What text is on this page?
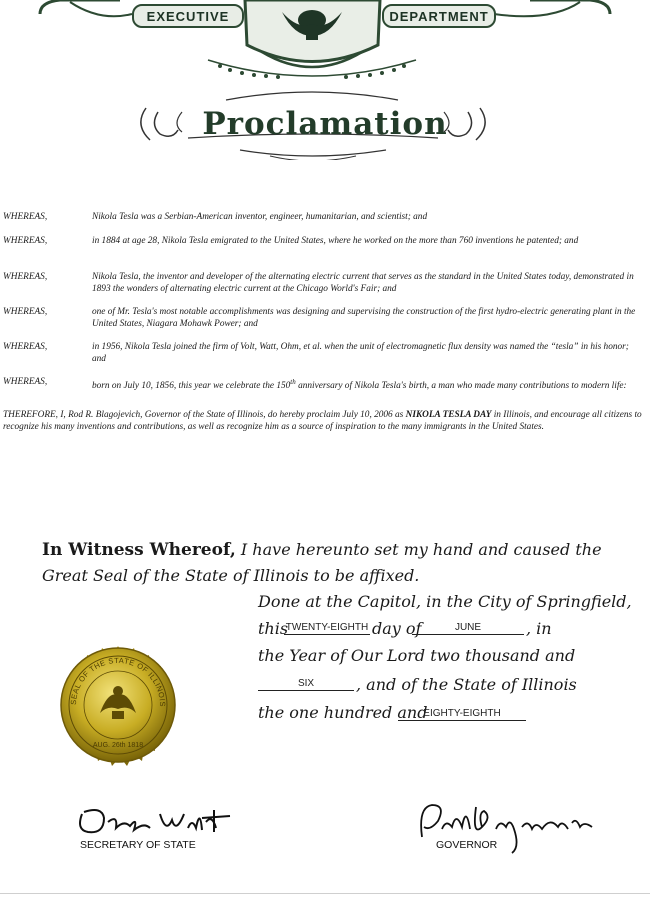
EXECUTIVE	DEPARTMENT
Proclamation
WHEREAS,	Nikola Tesla was a Serbian-American inventor, engineer, humanitarian, and scientist; and
WHEREAS,	in 1884 at age 28, Nikola Tesla emigrated to the United States, where he worked on the more than 760 inventions he patented; and
WHEREAS,	Nikola Tesla, the inventor and developer of the alternating electric current that serves as the standard in the United States today, demonstrated in 1893 the wonders of alternating electric current at the Chicago World's Fair; and
WHEREAS,	one of Mr. Tesla's most notable accomplishments was designing and supervising the construction of the first hydro-electric generating plant in the United States, Niagara Mohawk Power; and
WHEREAS,	in 1956, Nikola Tesla joined the firm of Volt, Watt, Ohm, et al. when the unit of electromagnetic flux density was named the “tesla” in his honor; and
WHEREAS,	born on July 10, 1856, this year we celebrate the 150th anniversary of Nikola Tesla's birth, a man who made many contributions to modern life:
THEREFORE, I, Rod R. Blagojevich, Governor of the State of Illinois, do hereby proclaim July 10, 2006 as NIKOLA TESLA DAY in Illinois, and encourage all citizens to recognize his many inventions and contributions, as well as recognize him as a source of inspiration to the many immigrants in the United States.
In Witness Whereof, I have hereunto set my hand and caused the
Great Seal of the State of Illinois to be affixed.
Done at the Capitol, in the City of Springfield,
this
TWENTY-EIGHTH day of	JUNE	, in
the Year of Our Lord two thousand and
SIX	, and of the State of Illinois
the one hundred and
EIGHTY-EIGHTH
SEAL OF THE STATE OF ILLINOIS
AUG. 26th 1818
SECRETARY OF STATE	GOVERNOR
